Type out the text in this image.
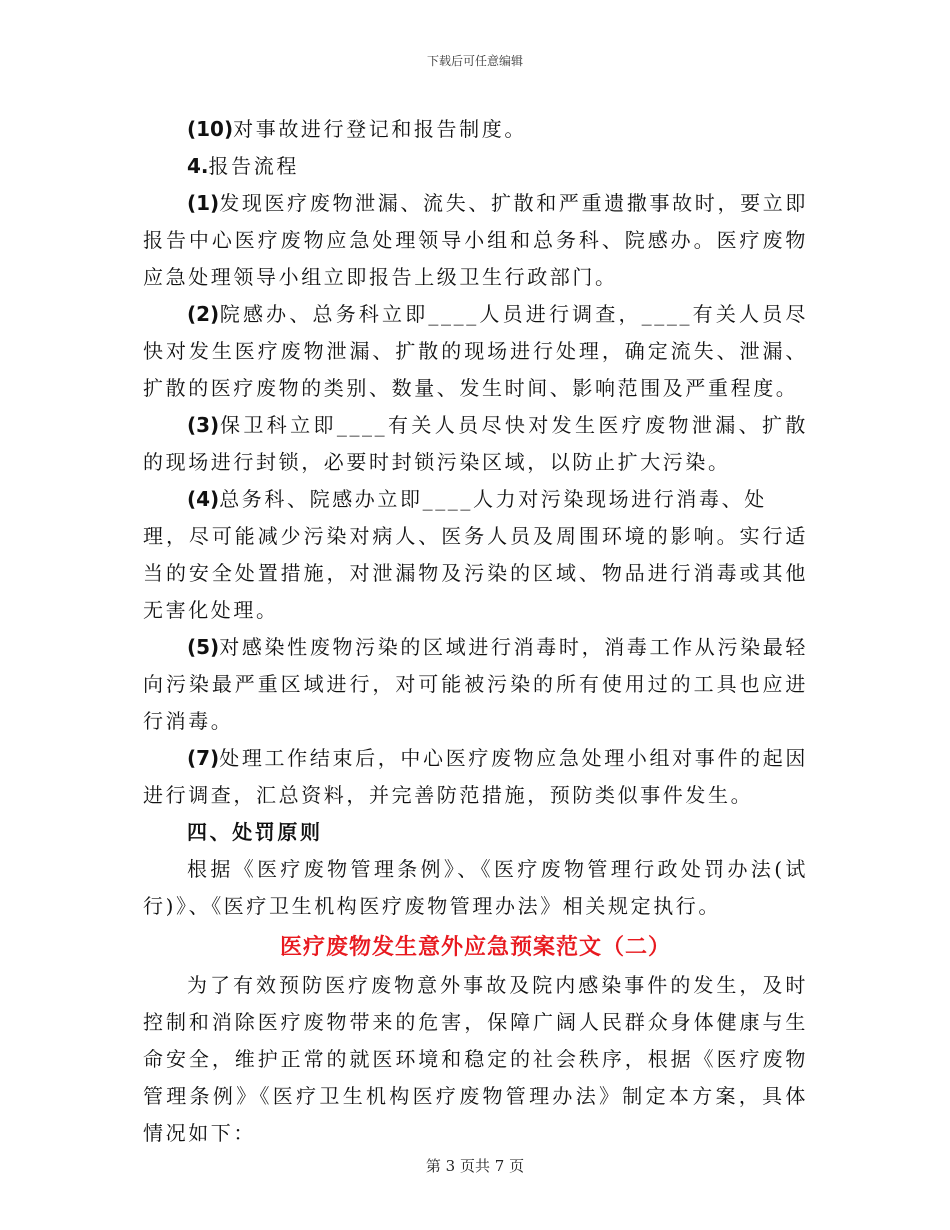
下载后可任意编辑

(10)对事故进行登记和报告制度。

4.报告流程

(1)发现医疗废物泄漏、流失、扩散和严重遗撒事故时，要立即报告中心医疗废物应急处理领导小组和总务科、院感办。医疗废物应急处理领导小组立即报告上级卫生行政部门。

(2)院感办、总务科立即____人员进行调查，____有关人员尽快对发生医疗废物泄漏、扩散的现场进行处理，确定流失、泄漏、扩散的医疗废物的类别、数量、发生时间、影响范围及严重程度。

(3)保卫科立即____有关人员尽快对发生医疗废物泄漏、扩散的现场进行封锁，必要时封锁污染区域，以防止扩大污染。

(4)总务科、院感办立即____人力对污染现场进行消毒、处

理，尽可能减少污染对病人、医务人员及周围环境的影响。实行适当的安全处置措施，对泄漏物及污染的区域、物品进行消毒或其他无害化处理。

(5)对感染性废物污染的区域进行消毒时，消毒工作从污染最轻向污染最严重区域进行，对可能被污染的所有使用过的工具也应进行消毒。

(7)处理工作结束后，中心医疗废物应急处理小组对事件的起因进行调查，汇总资料，并完善防范措施，预防类似事件发生。

四、处罚原则

根据《医疗废物管理条例》、《医疗废物管理行政处罚办法(试行)》、《医疗卫生机构医疗废物管理办法》相关规定执行。

医疗废物发生意外应急预案范文（二）

为了有效预防医疗废物意外事故及院内感染事件的发生，及时控制和消除医疗废物带来的危害，保障广阔人民群众身体健康与生命安全，维护正常的就医环境和稳定的社会秩序，根据《医疗废物管理条例》《医疗卫生机构医疗废物管理办法》制定本方案，具体情况如下：

第 3 页共 7 页
